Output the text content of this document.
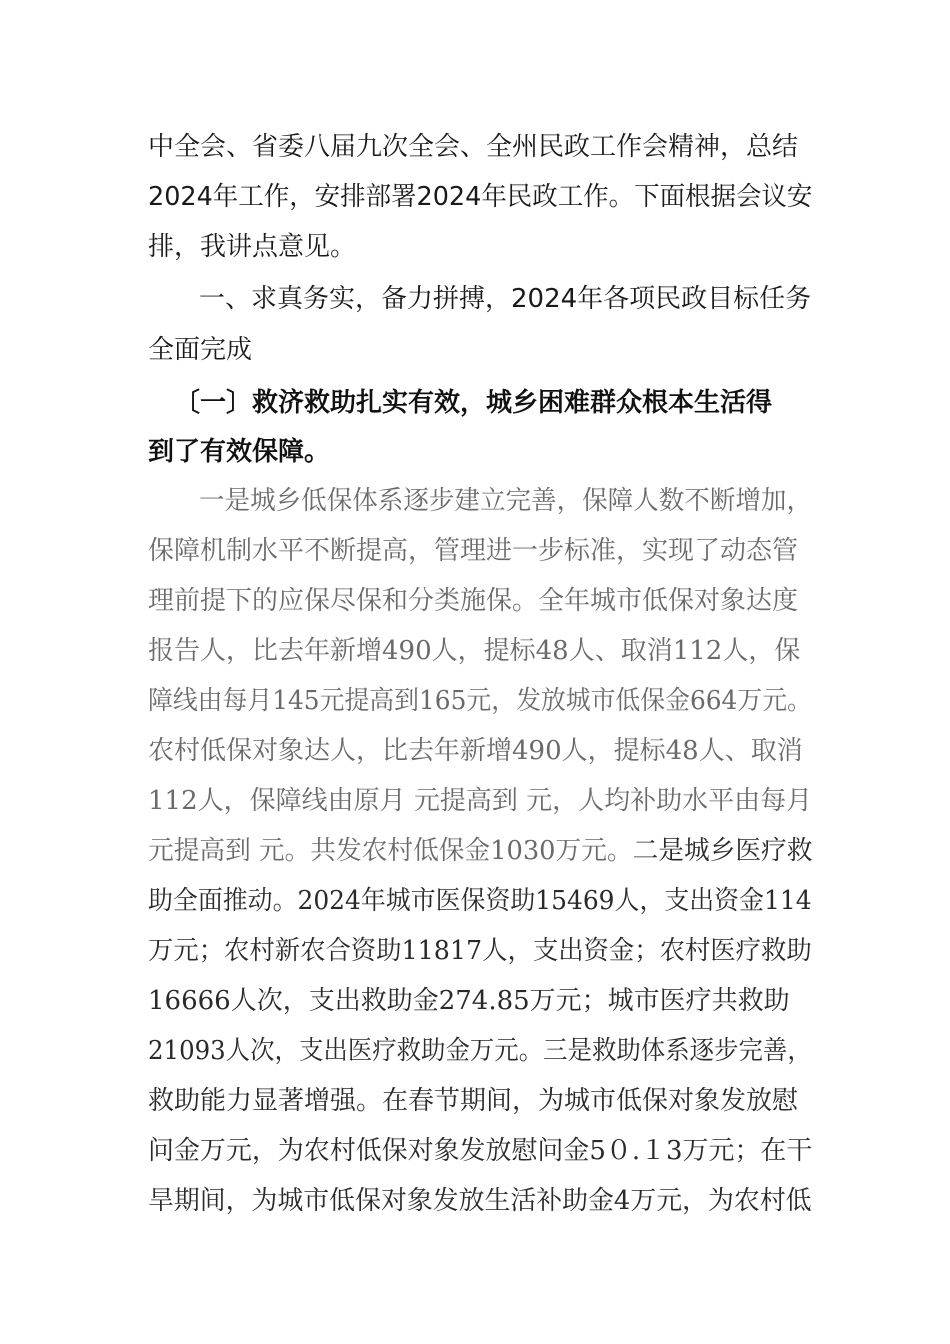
中全会、省委八届九次全会、全州民政工作会精神，总结
2024年工作，安排部署2024年民政工作。下面根据会议安
排，我讲点意见。
一、求真务实，备力拼搏，2024年各项民政目标任务
全面完成
〔一〕救济救助扎实有效，城乡困难群众根本生活得
到了有效保障。
一是城乡低保体系逐步建立完善，保障人数不断增加，
保障机制水平不断提高，管理进一步标准，实现了动态管
理前提下的应保尽保和分类施保。全年城市低保对象达度
报告人，比去年新增490人，提标48人、取消112人，保
障线由每月145元提高到165元，发放城市低保金664万元。
农村低保对象达人，比去年新增490人，提标48人、取消
112人，保障线由原月 元提高到 元，人均补助水平由每月
元提高到 元。共发农村低保金1030万元。二是城乡医疗救
助全面推动。2024年城市医保资助15469人，支出资金114
万元；农村新农合资助11817人，支出资金；农村医疗救助
16666人次，支出救助金274.85万元；城市医疗共救助
21093人次，支出医疗救助金万元。三是救助体系逐步完善，
救助能力显著增强。在春节期间，为城市低保对象发放慰
问金万元，为农村低保对象发放慰问金5０.１3万元；在干
旱期间，为城市低保对象发放生活补助金4万元，为农村低
